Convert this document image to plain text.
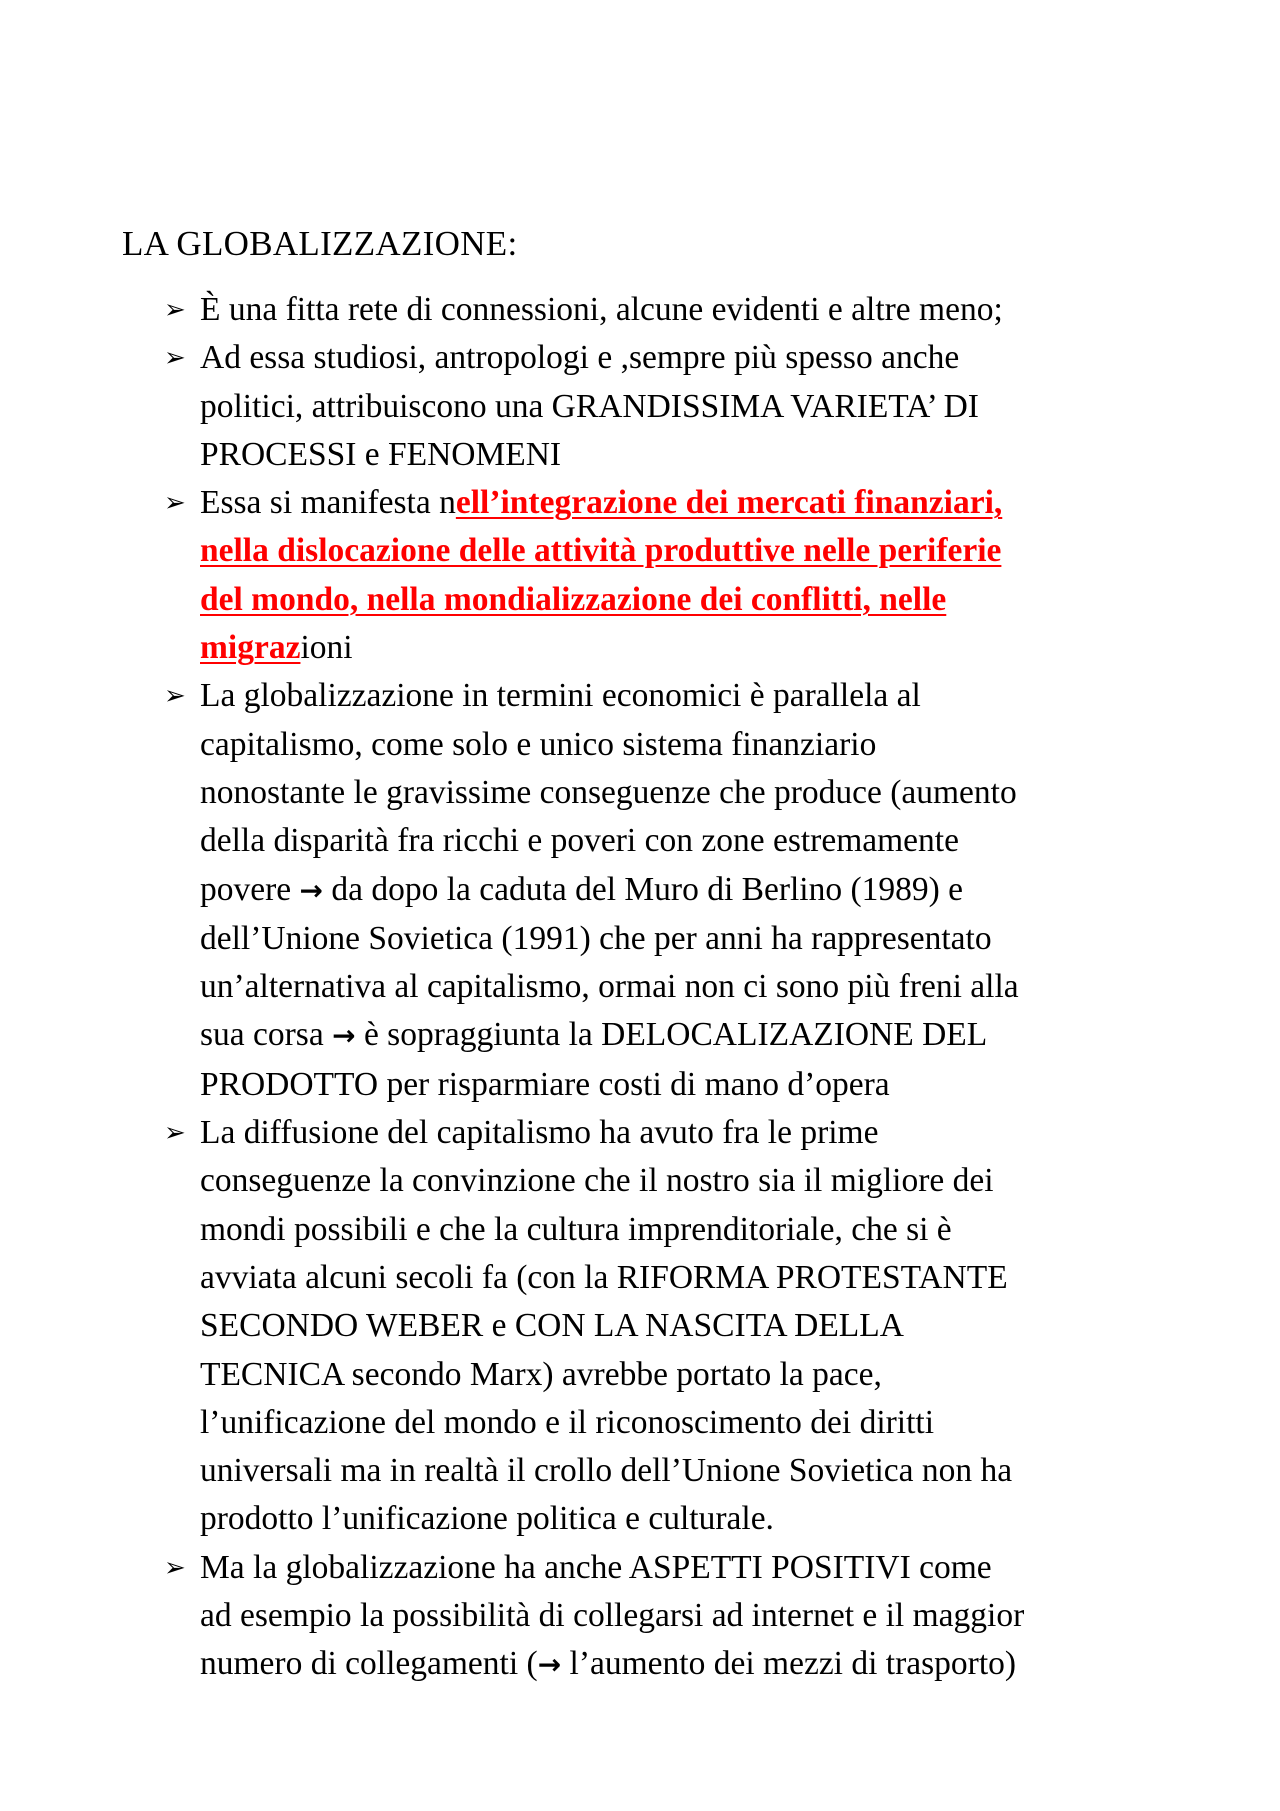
LA GLOBALIZZAZIONE:
➢ È una fitta rete di connessioni, alcune evidenti e altre meno;
➢ Ad essa studiosi, antropologi e ,sempre più spesso anche
politici, attribuiscono una GRANDISSIMA VARIETA’ DI
PROCESSI e FENOMENI
➢ Essa si manifesta nell’integrazione dei mercati finanziari,
nella dislocazione delle attività produttive nelle periferie
del mondo, nella mondializzazione dei conflitti, nelle
migrazioni
➢ La globalizzazione in termini economici è parallela al
capitalismo, come solo e unico sistema finanziario
nonostante le gravissime conseguenze che produce (aumento
della disparità fra ricchi e poveri con zone estremamente
povere → da dopo la caduta del Muro di Berlino (1989) e
dell’Unione Sovietica (1991) che per anni ha rappresentato
un’alternativa al capitalismo, ormai non ci sono più freni alla
sua corsa → è sopraggiunta la DELOCALIZAZIONE DEL
PRODOTTO per risparmiare costi di mano d’opera
➢ La diffusione del capitalismo ha avuto fra le prime
conseguenze la convinzione che il nostro sia il migliore dei
mondi possibili e che la cultura imprenditoriale, che si è
avviata alcuni secoli fa (con la RIFORMA PROTESTANTE
SECONDO WEBER e CON LA NASCITA DELLA
TECNICA secondo Marx) avrebbe portato la pace,
l’unificazione del mondo e il riconoscimento dei diritti
universali ma in realtà il crollo dell’Unione Sovietica non ha
prodotto l’unificazione politica e culturale.
➢ Ma la globalizzazione ha anche ASPETTI POSITIVI come
ad esempio la possibilità di collegarsi ad internet e il maggior
numero di collegamenti (→ l’aumento dei mezzi di trasporto)
